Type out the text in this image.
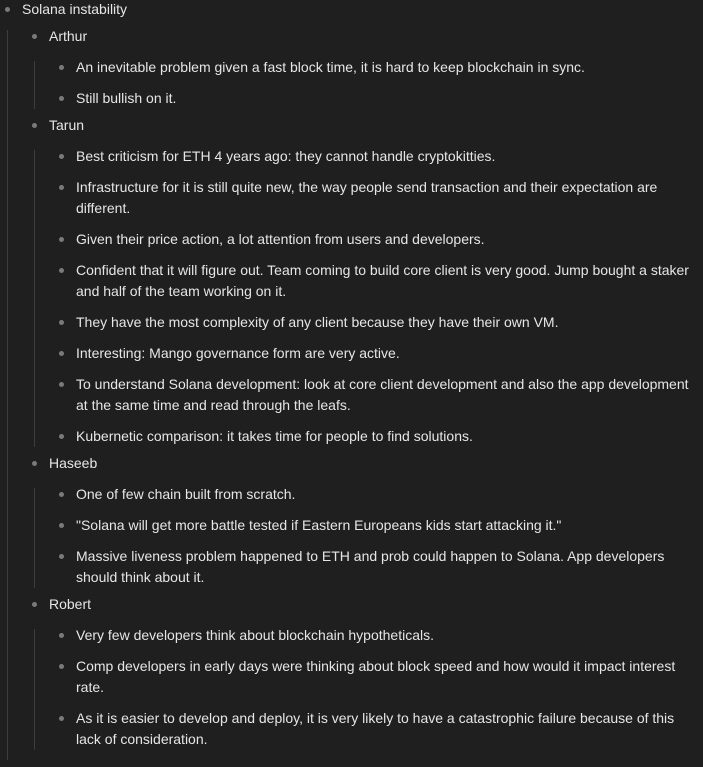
Solana instability
Arthur
An inevitable problem given a fast block time, it is hard to keep blockchain in sync.
Still bullish on it.
Tarun
Best criticism for ETH 4 years ago: they cannot handle cryptokitties.
Infrastructure for it is still quite new, the way people send transaction and their expectation are different.
Given their price action, a lot attention from users and developers.
Confident that it will figure out. Team coming to build core client is very good. Jump bought a staker and half of the team working on it.
They have the most complexity of any client because they have their own VM.
Interesting: Mango governance form are very active.
To understand Solana development: look at core client development and also the app development at the same time and read through the leafs.
Kubernetic comparison: it takes time for people to find solutions.
Haseeb
One of few chain built from scratch.
"Solana will get more battle tested if Eastern Europeans kids start attacking it."
Massive liveness problem happened to ETH and prob could happen to Solana. App developers should think about it.
Robert
Very few developers think about blockchain hypotheticals.
Comp developers in early days were thinking about block speed and how would it impact interest rate.
As it is easier to develop and deploy, it is very likely to have a catastrophic failure because of this lack of consideration.
